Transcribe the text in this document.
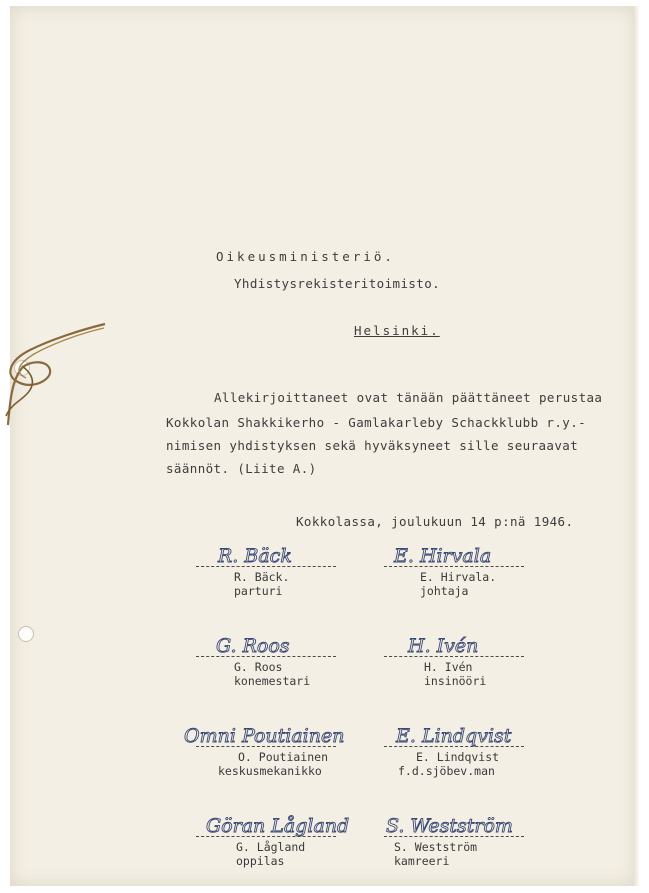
Oikeusministeriö.
Yhdistysrekisteritoimisto.
Helsinki.
Allekirjoittaneet ovat tänään päättäneet perustaa
Kokkolan Shakkikerho - Gamlakarleby Schackklubb r.y.-
nimisen yhdistyksen sekä hyväksyneet sille seuraavat
säännöt. (Liite A.)
Kokkolassa, joulukuun 14 p:nä 1946.
R. Bäck
R. Bäck.
parturi
E. Hirvala
E. Hirvala.
johtaja
G. Roos
G. Roos
konemestari
H. Ivén
H. Ivén
insinööri
Omni Poutiainen
O. Poutiainen
keskusmekanikko
E. Lindqvist
E. Lindqvist
f.d.sjöbev.man
Göran Lågland
G. Lågland
oppilas
S. Westström
S. Westström
kamreeri
